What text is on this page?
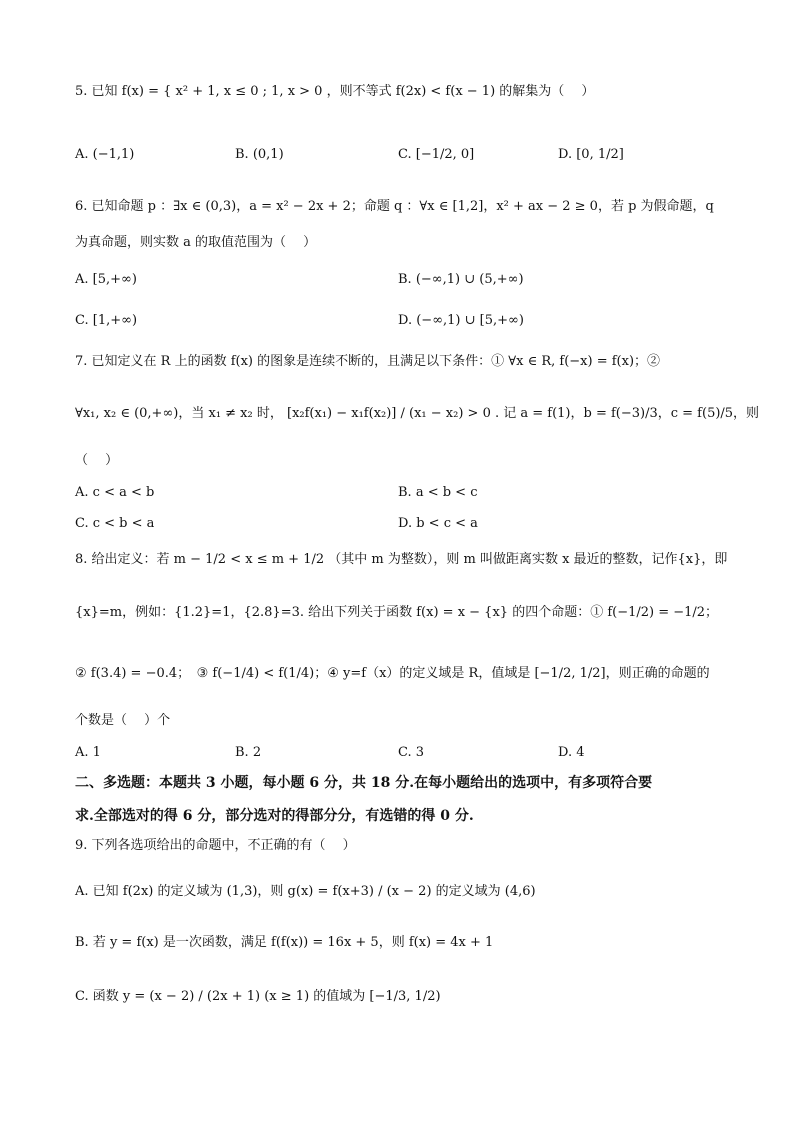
5. 已知 f(x) = { x² + 1, x ≤ 0 ; 1, x > 0 ，则不等式 f(2x) < f(x − 1) 的解集为（　 ）
A. (−1,1)	B. (0,1)	C. [−1/2, 0]	D. [0, 1/2]
6. 已知命题 p ：∃x ∈ (0,3)，a = x² − 2x + 2；命题 q ：∀x ∈ [1,2]，x² + ax − 2 ≥ 0，若 p 为假命题，q
为真命题，则实数 a 的取值范围为（　 ）
A. [5,+∞)	B. (−∞,1) ∪ (5,+∞)
C. [1,+∞)	D. (−∞,1) ∪ [5,+∞)
7. 已知定义在 R 上的函数 f(x) 的图象是连续不断的，且满足以下条件：① ∀x ∈ R, f(−x) = f(x)；②
∀x₁, x₂ ∈ (0,+∞)，当 x₁ ≠ x₂ 时， [x₂f(x₁) − x₁f(x₂)] / (x₁ − x₂) > 0 . 记 a = f(1)，b = f(−3)/3，c = f(5)/5，则
（　 ）
A. c < a < b	B. a < b < c
C. c < b < a	D. b < c < a
8. 给出定义：若 m − 1/2 < x ≤ m + 1/2 （其中 m 为整数），则 m 叫做距离实数 x 最近的整数，记作{x}，即
{x}=m，例如：{1.2}=1，{2.8}=3. 给出下列关于函数 f(x) = x − {x} 的四个命题：① f(−1/2) = −1/2；
② f(3.4) = −0.4；　③ f(−1/4) < f(1/4)；④ y=f（x）的定义域是 R，值域是 [−1/2, 1/2]，则正确的命题的
个数是（　 ）个
A. 1	B. 2	C. 3	D. 4
二、多选题：本题共 3 小题，每小题 6 分，共 18 分.在每小题给出的选项中，有多项符合要
求.全部选对的得 6 分，部分选对的得部分分，有选错的得 0 分.
9. 下列各选项给出的命题中，不正确的有（　 ）
A. 已知 f(2x) 的定义域为 (1,3)，则 g(x) = f(x+3) / (x − 2) 的定义域为 (4,6)
B. 若 y = f(x) 是一次函数，满足 f(f(x)) = 16x + 5，则 f(x) = 4x + 1
C. 函数 y = (x − 2) / (2x + 1) (x ≥ 1) 的值域为 [−1/3, 1/2)
